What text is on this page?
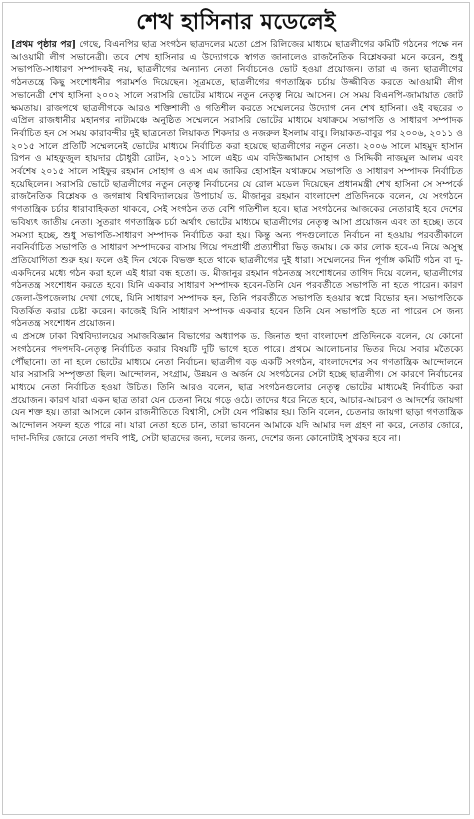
শেখ হাসিনার মডেলেই

[প্রথম পৃষ্ঠার পর] গেছে, বিএনপির ছাত্র সংগঠন ছাত্রদলের মতো প্রেস রিলিজের মাধ্যমে ছাত্রলীগের কমিটি গঠনের পক্ষে নন আওয়ামী লীগ সভানেত্রী। তবে শেখ হাসিনার এ উদ্যোগকে স্বাগত জানালেও রাজনৈতিক বিশ্লেষকরা মনে করেন, শুধু সভাপতি-সাধারণ সম্পাদকই নয়, ছাত্রলীগের অন্যান্য নেতা নির্বাচনেও ভোট হওয়া প্রয়োজন। তারা এ জন্য ছাত্রলীগের গঠনতন্ত্রে কিছু সংশোধনীর পরামর্শও দিয়েছেন। সূত্রমতে, ছাত্রলীগের গণতান্ত্রিক চর্চায় উজ্জীবিত করতে আওয়ামী লীগ সভানেত্রী শেখ হাসিনা ২০০২ সালে সরাসরি ভোটের মাধ্যমে নতুন নেতৃত্ব নিয়ে আসেন। সে সময় বিএনপি-জামায়াত জোট ক্ষমতায়। রাজপথে ছাত্রলীগকে আরও শক্তিশালী ও গতিশীল করতে সম্মেলনের উদ্যোগ নেন শেখ হাসিনা। ওই বছরের ৩ এপ্রিল রাজধানীর মহানগর নাট্যমঞ্চে অনুষ্ঠিত সম্মেলনে সরাসরি ভোটের মাধ্যমে যথাক্রমে সভাপতি ও সাধারণ সম্পাদক নির্বাচিত হন সে সময় কারাবন্দীর দুই ছাত্রনেতা লিয়াকত শিকদার ও নজরুল ইসলাম বাবু। লিয়াকত-বাবুর পর ২০০৬, ২০১১ ও ২০১৫ সালে প্রতিটি সম্মেলনেই ভোটের মাধ্যমে নির্বাচিত করা হয়েছে ছাত্রলীগের নতুন নেতা। ২০০৬ সালে মাহমুদ হাসান রিপন ও মাহফুজুল হায়দার চৌধুরী রোটন, ২০১১ সালে এইচ এম বদিউজ্জামান সোহাগ ও সিদ্দিকী নাজমুল আলম এবং সর্বশেষ ২০১৫ সালে সাইফুর রহমান সোহাগ ও এস এম জাকির হোসাইন যথাক্রমে সভাপতি ও সাধারণ সম্পাদক নির্বাচিত হয়েছিলেন। সরাসরি ভোটে ছাত্রলীগের নতুন নেতৃত্ব নির্বাচনের যে রোল মডেল দিয়েছেন প্রধানমন্ত্রী শেখ হাসিনা সে সম্পর্কে রাজনৈতিক বিশ্লেষক ও জগন্নাথ বিশ্ববিদ্যালয়ের উপাচার্য ড. মীজানুর রহমান বাংলাদেশ প্রতিদিনকে বলেন, যে সংগঠনে গণতান্ত্রিক চর্চার ধারাবাহিকতা থাকবে, সেই সংগঠন তত বেশি গতিশীল হবে। ছাত্র সংগঠনের আজকের নেতারাই হবে দেশের ভবিষ্যৎ জাতীয় নেতা। সুতরাং গণতান্ত্রিক চর্চা অর্থাৎ ভোটের মাধ্যমে ছাত্রলীগের নেতৃত্ব আসা প্রয়োজন এবং তা হচ্ছে। তবে সমস্যা হচ্ছে, শুধু সভাপতি-সাধারণ সম্পাদক নির্বাচিত করা হয়। কিন্তু অন্য পদগুলোতে নির্বাচন না হওয়ায় পরবর্তীকালে নবনির্বাচিত সভাপতি ও সাধারণ সম্পাদকের বাসায় গিয়ে পদপ্রার্থী প্রত্যাশীরা ভিড় জমায়। কে কার লোক হবে-এ নিয়ে অসুস্থ প্রতিযোগিতা শুরু হয়। ফলে ওই দিন থেকে বিভক্ত হতে থাকে ছাত্রলীগের দুই ধারা। সম্মেলনের দিন পূর্ণাঙ্গ কমিটি গঠন বা দু-একদিনের মধ্যে গঠন করা হলে এই ধারা বন্ধ হতো। ড. মীজানুর রহমান গঠনতন্ত্র সংশোধনের তাগিদ দিয়ে বলেন, ছাত্রলীগের গঠনতন্ত্র সংশোধন করতে হবে। যিনি একবার সাধারণ সম্পাদক হবেন-তিনি যেন পরবর্তীতে সভাপতি না হতে পারেন। কারণ জেলা-উপজেলায় দেখা গেছে, যিনি সাধারণ সম্পাদক হন, তিনি পরবর্তীতে সভাপতি হওয়ার স্বপ্নে বিভোর হন। সভাপতিকে বিতর্কিত করার চেষ্টা করেন। কাজেই যিনি সাধারণ সম্পাদক একবার হবেন তিনি যেন সভাপতি হতে না পারেন সে জন্য গঠনতন্ত্র সংশোধন প্রয়োজন।

এ প্রসঙ্গে ঢাকা বিশ্ববিদ্যালয়ের সমাজবিজ্ঞান বিভাগের অধ্যাপক ড. জিনাত হুদা বাংলাদেশ প্রতিদিনকে বলেন, যে কোনো সংগঠনের পদপদবি-নেতৃত্ব নির্বাচিত করার বিষয়টি দুটি ভাগে হতে পারে। প্রথমে আলোচনার ভিতর দিয়ে সবার মতৈক্যে পৌঁছানো। তা না হলে ভোটের মাধ্যমে নেতা নির্বাচন। ছাত্রলীগ বড় একটি সংগঠন, বাংলাদেশের সব গণতান্ত্রিক আন্দোলনে যার সরাসরি সম্পৃক্ততা ছিল। আন্দোলন, সংগ্রাম, উন্নয়ন ও অর্জন যে সংগঠনের সেটা হচ্ছে ছাত্রলীগ। সে কারণে নির্বাচনের মাধ্যমে নেতা নির্বাচিত হওয়া উচিত। তিনি আরও বলেন, ছাত্র সংগঠনগুলোর নেতৃত্ব ভোটের মাধ্যমেই নির্বাচিত করা প্রয়োজন। কারণ যারা একন ছাত্র তারা যেন চেতনা নিয়ে গড়ে ওঠে। তাদের ধরে নিতে হবে, আচার-আচরণ ও আদর্শের জায়গা যেন শক্ত হয়। তারা আসলে কোন রাজনীতিতে বিশ্বাসী, সেটা যেন পরিষ্কার হয়। তিনি বলেন, চেতনার জায়গা ছাড়া গণতান্ত্রিক আন্দোলন সফল হতে পারে না। যারা নেতা হতে চান, তারা ভাবনেন আমাকে যদি আমার দল গ্রহণ না করে, নেতার জোরে, দাদা-দিদির জোরে নেতা পদবি পাই, সেটা ছাত্রদের জন্য, দলের জন্য, দেশের জন্য কোনোটাই সুখকর হবে না।
